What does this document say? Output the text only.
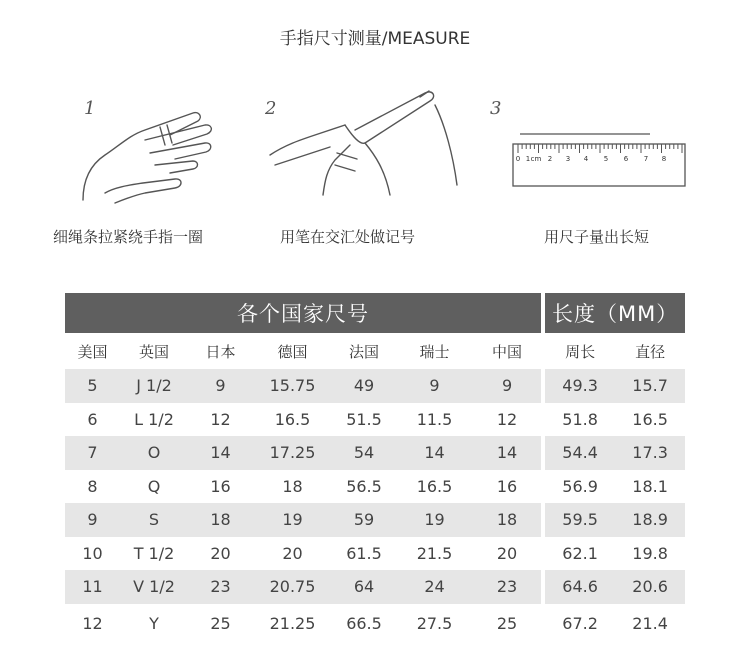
手指尺寸测量/MEASURE
1
细绳条拉紧绕手指一圈
2
用笔在交汇处做记号
3
0 1 cm 2 3 4 5 6 7 8
用尺子量出长短
各个国家尺号							长度（MM）	
美国	英国	日本	德国	法国	瑞士	中国	周长	直径
5	J 1/2	9	15.75	49	9	9	49.3	15.7
6	L 1/2	12	16.5	51.5	11.5	12	51.8	16.5
7	O	14	17.25	54	14	14	54.4	17.3
8	Q	16	18	56.5	16.5	16	56.9	18.1
9	S	18	19	59	19	18	59.5	18.9
10	T 1/2	20	20	61.5	21.5	20	62.1	19.8
11	V 1/2	23	20.75	64	24	23	64.6	20.6
12	Y	25	21.25	66.5	27.5	25	67.2	21.4
